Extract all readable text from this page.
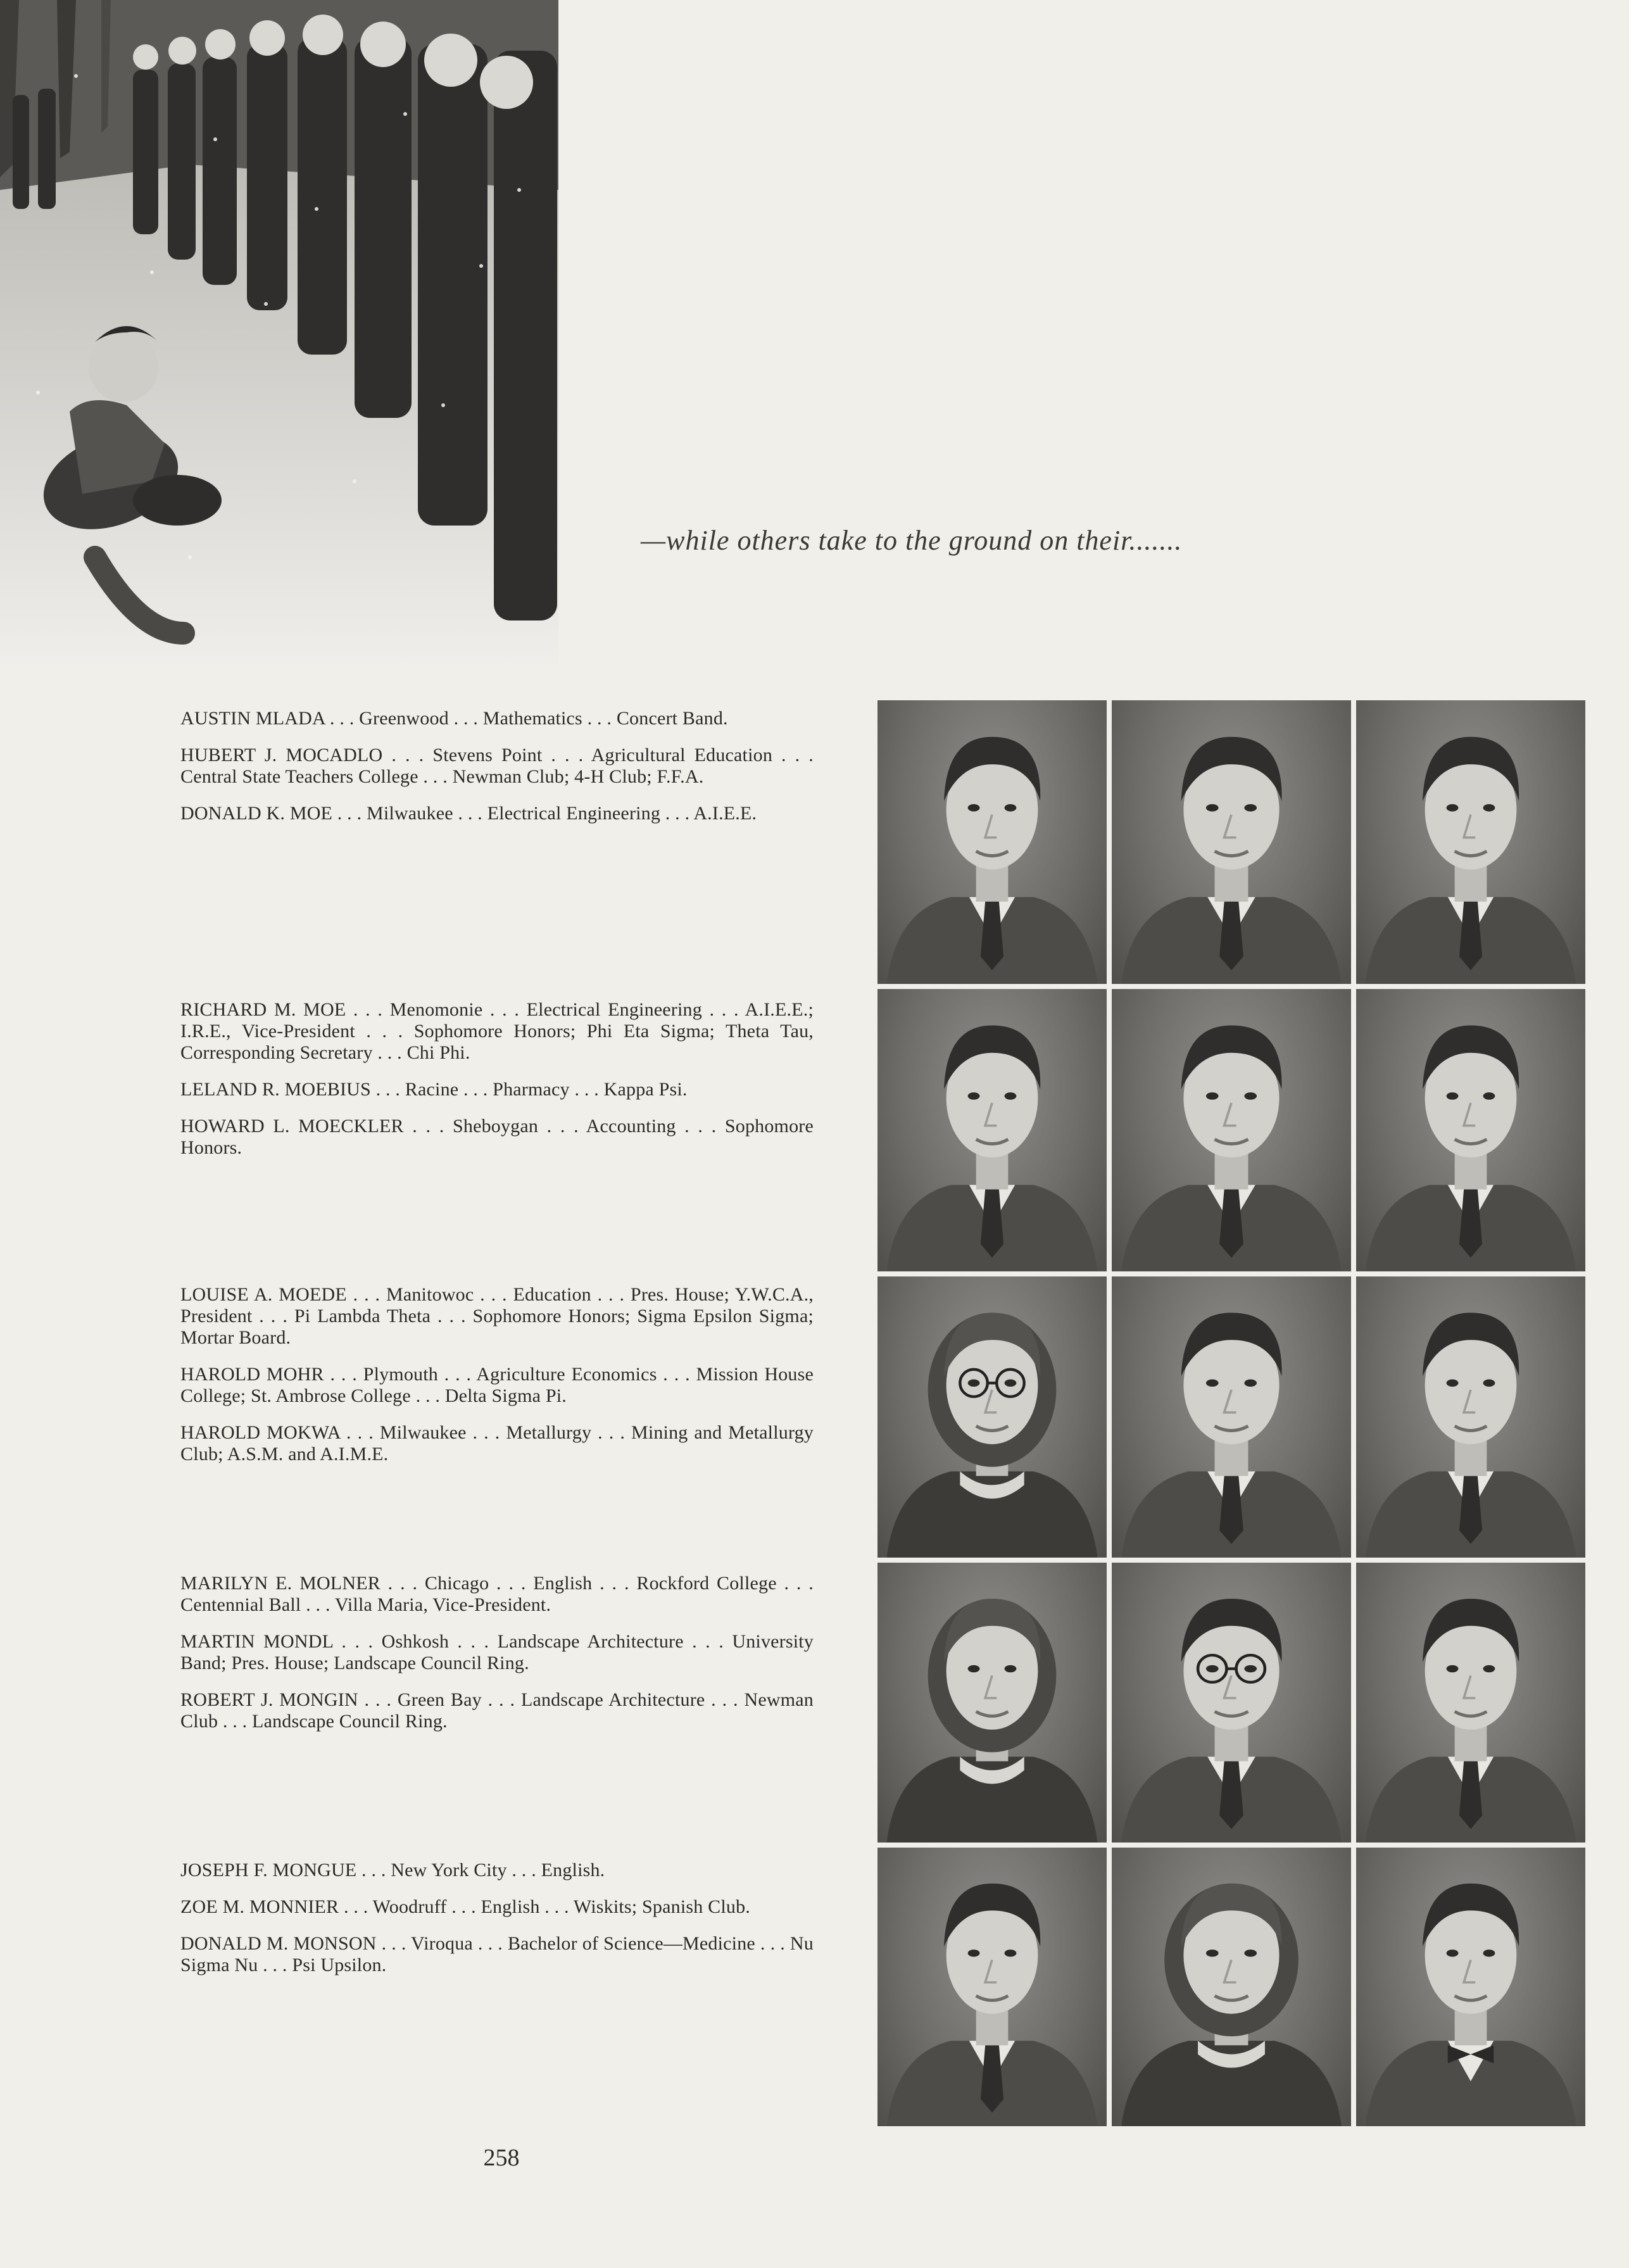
—while others take to the ground on their.......

AUSTIN MLADA . . . Greenwood . . . Mathematics . . . Concert Band.

HUBERT J. MOCADLO . . . Stevens Point . . . Agricultural Education . . . Central State Teachers College . . . Newman Club; 4-H Club; F.F.A.

DONALD K. MOE . . . Milwaukee . . . Electrical Engineering . . . A.I.E.E.

RICHARD M. MOE . . . Menomonie . . . Electrical Engineering . . . A.I.E.E.; I.R.E., Vice-President . . . Sophomore Honors; Phi Eta Sigma; Theta Tau, Corresponding Secretary . . . Chi Phi.

LELAND R. MOEBIUS . . . Racine . . . Pharmacy . . . Kappa Psi.

HOWARD L. MOECKLER . . . Sheboygan . . . Accounting . . . Sophomore Honors.

LOUISE A. MOEDE . . . Manitowoc . . . Education . . . Pres. House; Y.W.C.A., President . . . Pi Lambda Theta . . . Sophomore Honors; Sigma Epsilon Sigma; Mortar Board.

HAROLD MOHR . . . Plymouth . . . Agriculture Economics . . . Mission House College; St. Ambrose College . . . Delta Sigma Pi.

HAROLD MOKWA . . . Milwaukee . . . Metallurgy . . . Mining and Metallurgy Club; A.S.M. and A.I.M.E.

MARILYN E. MOLNER . . . Chicago . . . English . . . Rockford College . . . Centennial Ball . . . Villa Maria, Vice-President.

MARTIN MONDL . . . Oshkosh . . . Landscape Architecture . . . University Band; Pres. House; Landscape Council Ring.

ROBERT J. MONGIN . . . Green Bay . . . Landscape Architecture . . . Newman Club . . . Landscape Council Ring.

JOSEPH F. MONGUE . . . New York City . . . English.

ZOE M. MONNIER . . . Woodruff . . . English . . . Wiskits; Spanish Club.

DONALD M. MONSON . . . Viroqua . . . Bachelor of Science—Medicine . . . Nu Sigma Nu . . . Psi Upsilon.

258
